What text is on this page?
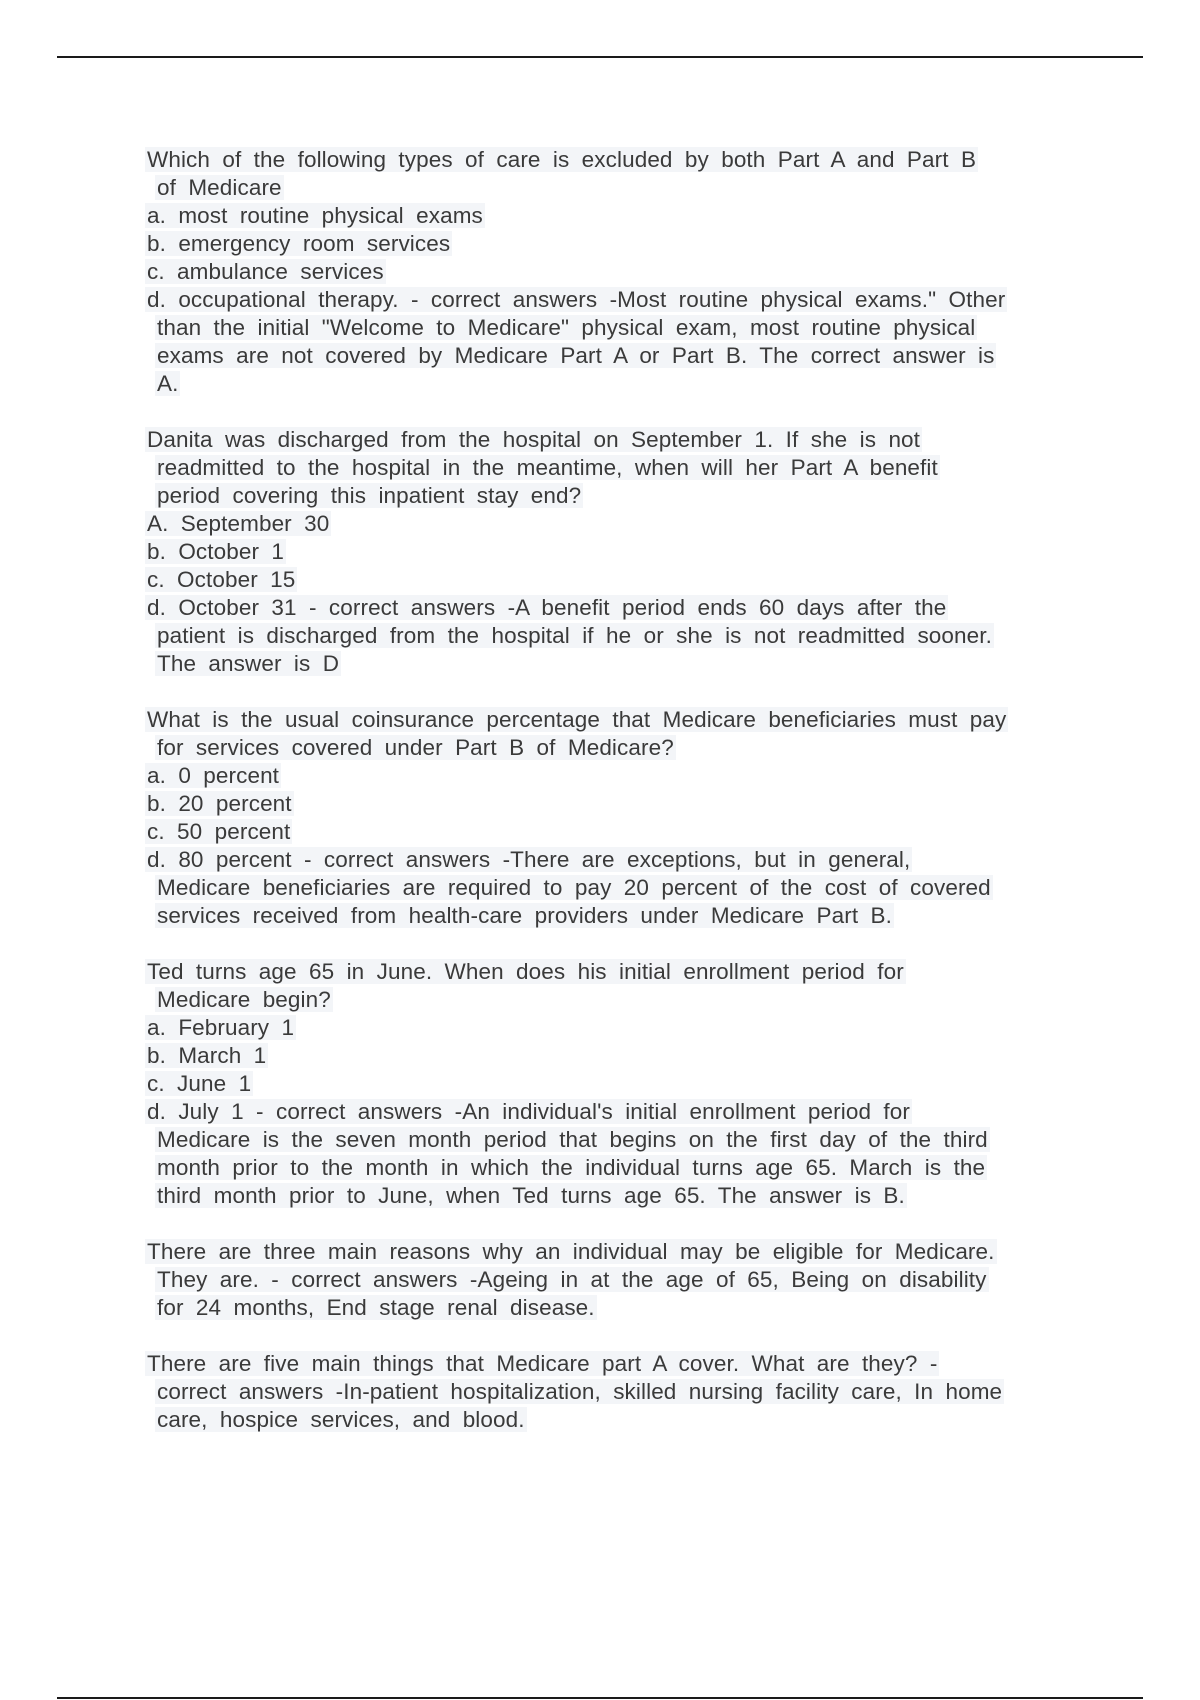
Which of the following types of care is excluded by both Part A and Part B
of Medicare
a. most routine physical exams
b. emergency room services
c. ambulance services
d. occupational therapy. - correct answers -Most routine physical exams." Other
than the initial "Welcome to Medicare" physical exam, most routine physical
exams are not covered by Medicare Part A or Part B. The correct answer is
A.
Danita was discharged from the hospital on September 1. If she is not
readmitted to the hospital in the meantime, when will her Part A benefit
period covering this inpatient stay end?
A. September 30
b. October 1
c. October 15
d. October 31 - correct answers -A benefit period ends 60 days after the
patient is discharged from the hospital if he or she is not readmitted sooner.
The answer is D
What is the usual coinsurance percentage that Medicare beneficiaries must pay
for services covered under Part B of Medicare?
a. 0 percent
b. 20 percent
c. 50 percent
d. 80 percent - correct answers -There are exceptions, but in general,
Medicare beneficiaries are required to pay 20 percent of the cost of covered
services received from health-care providers under Medicare Part B.
Ted turns age 65 in June. When does his initial enrollment period for
Medicare begin?
a. February 1
b. March 1
c. June 1
d. July 1 - correct answers -An individual's initial enrollment period for
Medicare is the seven month period that begins on the first day of the third
month prior to the month in which the individual turns age 65. March is the
third month prior to June, when Ted turns age 65. The answer is B.
There are three main reasons why an individual may be eligible for Medicare.
They are. - correct answers -Ageing in at the age of 65, Being on disability
for 24 months, End stage renal disease.
There are five main things that Medicare part A cover. What are they? -
correct answers -In-patient hospitalization, skilled nursing facility care, In home
care, hospice services, and blood.
